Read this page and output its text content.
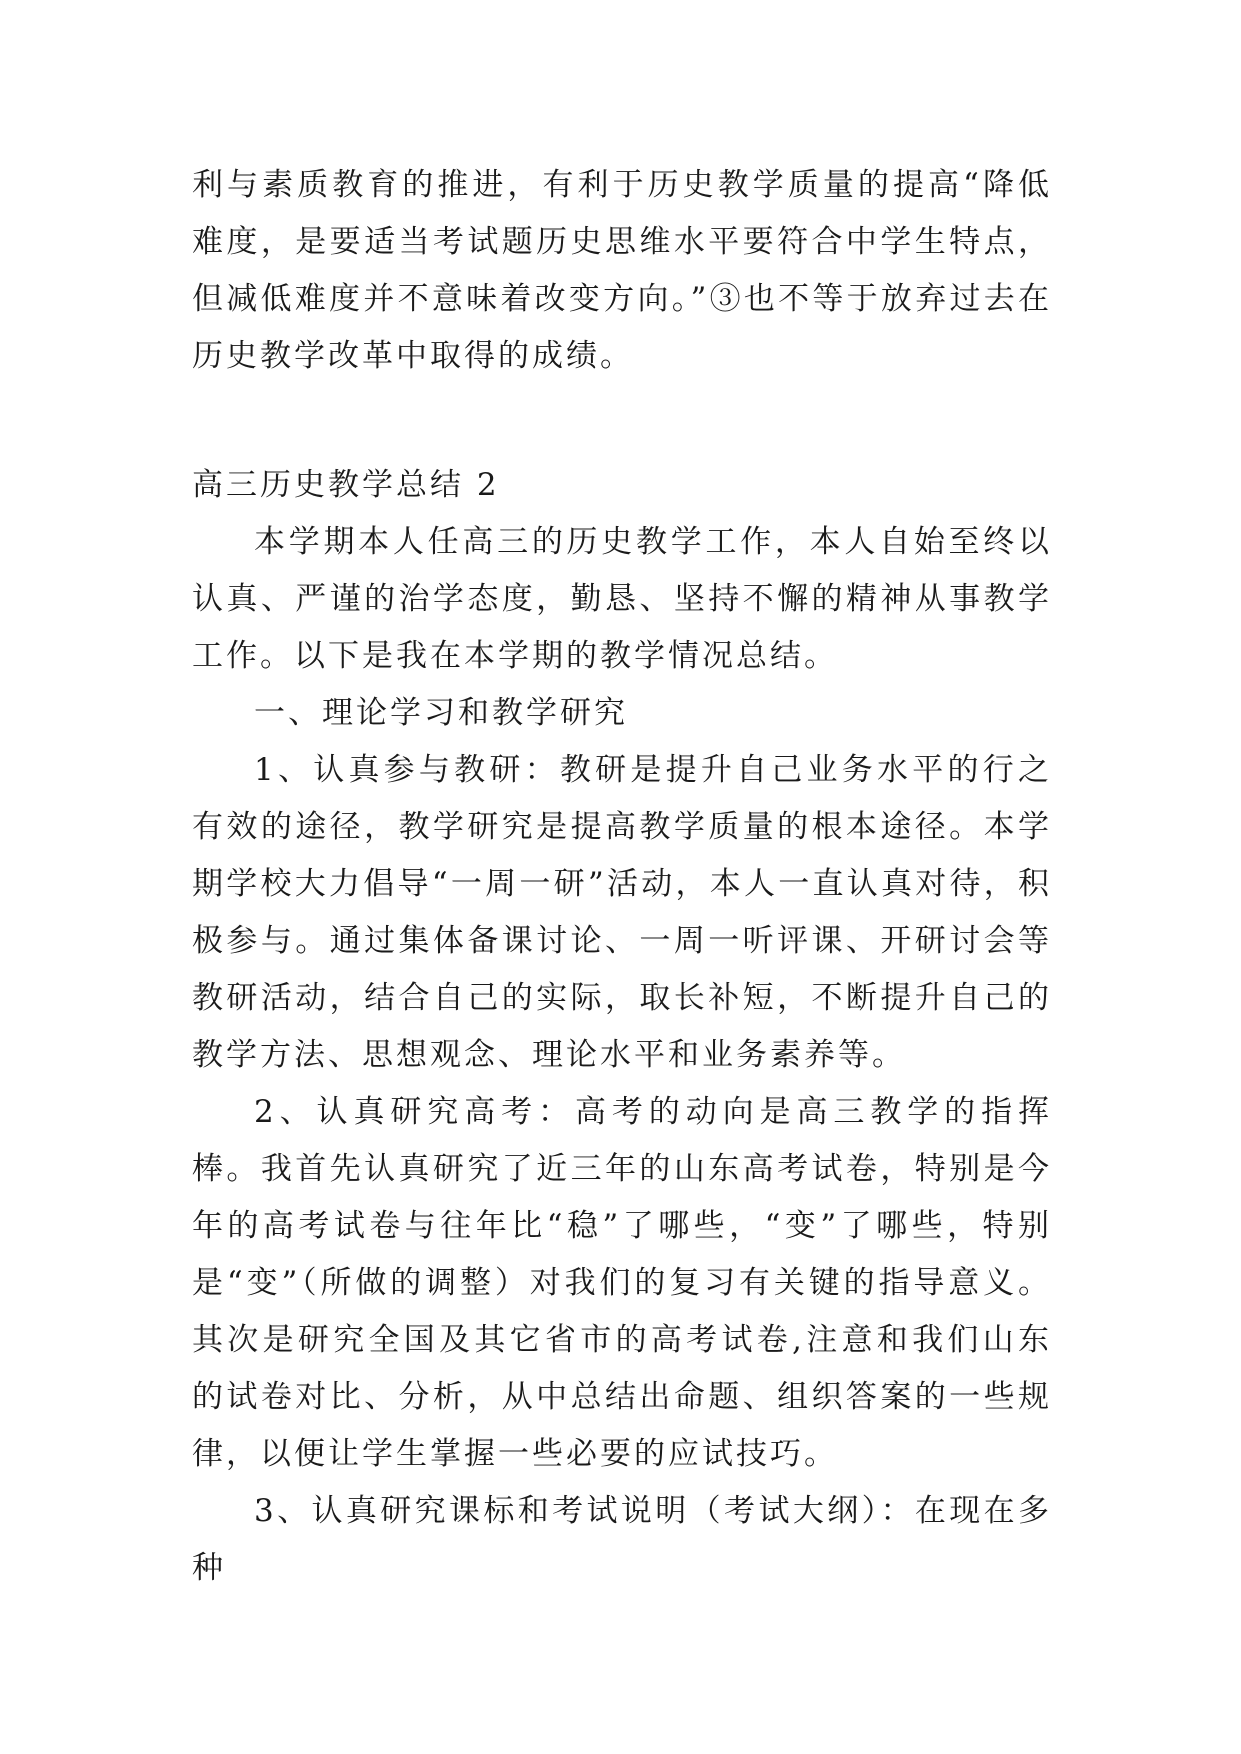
利与素质教育的推进，有利于历史教学质量的提高“降低难度，是要适当考试题历史思维水平要符合中学生特点，但减低难度并不意味着改变方向。”③也不等于放弃过去在历史教学改革中取得的成绩。

高三历史教学总结 2

本学期本人任高三的历史教学工作，本人自始至终以认真、严谨的治学态度，勤恳、坚持不懈的精神从事教学工作。以下是我在本学期的教学情况总结。

一、理论学习和教学研究

1、认真参与教研：教研是提升自己业务水平的行之有效的途径，教学研究是提高教学质量的根本途径。本学期学校大力倡导“一周一研”活动，本人一直认真对待，积极参与。通过集体备课讨论、一周一听评课、开研讨会等教研活动，结合自己的实际，取长补短，不断提升自己的教学方法、思想观念、理论水平和业务素养等。

2、认真研究高考：高考的动向是高三教学的指挥棒。我首先认真研究了近三年的山东高考试卷，特别是今年的高考试卷与往年比“稳”了哪些，“变”了哪些，特别是“变”（所做的调整）对我们的复习有关键的指导意义。其次是研究全国及其它省市的高考试卷,注意和我们山东的试卷对比、分析，从中总结出命题、组织答案的一些规律，以便让学生掌握一些必要的应试技巧。

3、认真研究课标和考试说明（考试大纲）：在现在多种
